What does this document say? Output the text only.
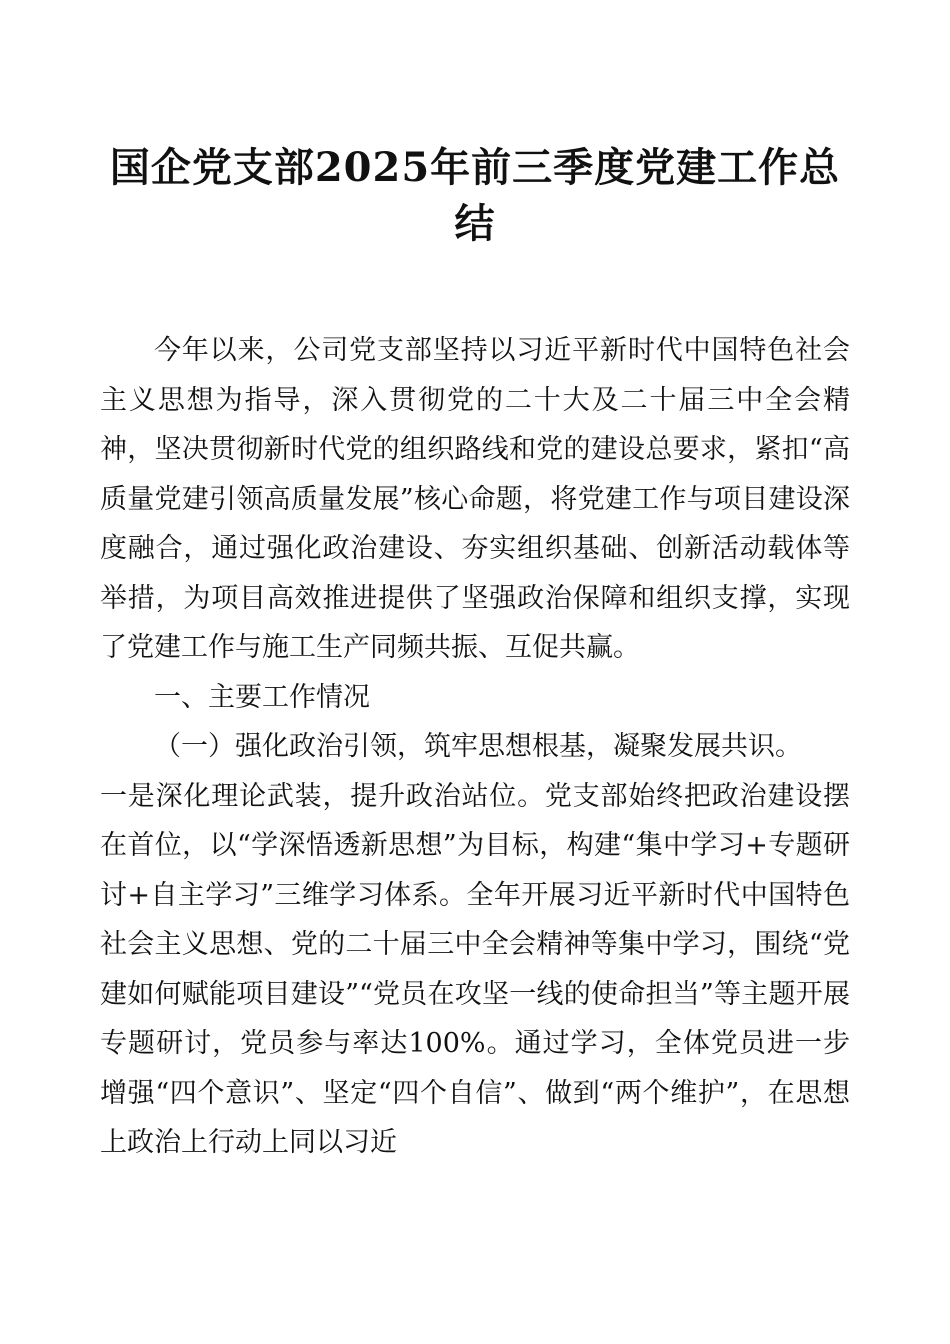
国企党支部2025年前三季度党建工作总结

今年以来，公司党支部坚持以习近平新时代中国特色社会主义思想为指导，深入贯彻党的二十大及二十届三中全会精神，坚决贯彻新时代党的组织路线和党的建设总要求，紧扣“高质量党建引领高质量发展”核心命题，将党建工作与项目建设深度融合，通过强化政治建设、夯实组织基础、创新活动载体等举措，为项目高效推进提供了坚强政治保障和组织支撑，实现了党建工作与施工生产同频共振、互促共赢。

一、主要工作情况

（一）强化政治引领，筑牢思想根基，凝聚发展共识。

一是深化理论武装，提升政治站位。党支部始终把政治建设摆在首位，以“学深悟透新思想”为目标，构建“集中学习+专题研讨+自主学习”三维学习体系。全年开展习近平新时代中国特色社会主义思想、党的二十届三中全会精神等集中学习，围绕“党建如何赋能项目建设”“党员在攻坚一线的使命担当”等主题开展专题研讨，党员参与率达100%。通过学习，全体党员进一步增强“四个意识”、坚定“四个自信”、做到“两个维护”，在思想上政治上行动上同以习近
